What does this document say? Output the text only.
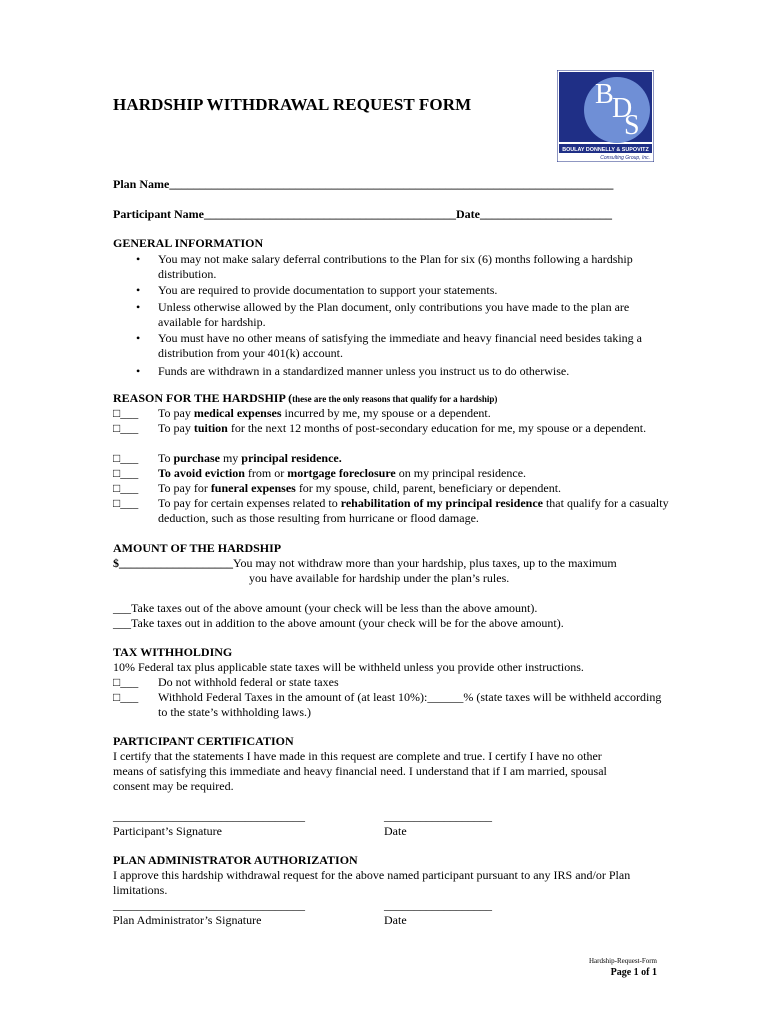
HARDSHIP WITHDRAWAL REQUEST FORM	B
D
S
BOULAY DONNELLY & SUPOVITZ
Consulting Group, Inc.
Plan Name__________________________________________________________________________
Participant Name__________________________________________Date______________________
GENERAL INFORMATION
• You may not make salary deferral contributions to the Plan for six (6) months following a hardship distribution.
• You are required to provide documentation to support your statements.
• Unless otherwise allowed by the Plan document, only contributions you have made to the plan are available for hardship.
• You must have no other means of satisfying the immediate and heavy financial need besides taking a distribution from your 401(k) account.
• Funds are withdrawn in a standardized manner unless you instruct us to do otherwise.
REASON FOR THE HARDSHIP (these are the only reasons that qualify for a hardship)
□___	To pay medical expenses incurred by me, my spouse or a dependent.
□___	To pay tuition for the next 12 months of post-secondary education for me, my spouse or a dependent.
□___	To purchase my principal residence.
□___	To avoid eviction from or mortgage foreclosure on my principal residence.
□___	To pay for funeral expenses for my spouse, child, parent, beneficiary or dependent.
□___	To pay for certain expenses related to rehabilitation of my principal residence that qualify for a casualty deduction, such as those resulting from hurricane or flood damage.
AMOUNT OF THE HARDSHIP
$___________________You may not withdraw more than your hardship, plus taxes, up to the maximum
you have available for hardship under the plan’s rules.
___Take taxes out of the above amount (your check will be less than the above amount).
___Take taxes out in addition to the above amount (your check will be for the above amount).
TAX WITHHOLDING
10% Federal tax plus applicable state taxes will be withheld unless you provide other instructions.
□___	Do not withhold federal or state taxes
□___	Withhold Federal Taxes in the amount of (at least 10%):______% (state taxes will be withheld according to the state’s withholding laws.)
PARTICIPANT CERTIFICATION
I certify that the statements I have made in this request are complete and true. I certify I have no other
means of satisfying this immediate and heavy financial need. I understand that if I am married, spousal
consent may be required.
________________________________	__________________
Participant’s Signature	Date
PLAN ADMINISTRATOR AUTHORIZATION
I approve this hardship withdrawal request for the above named participant pursuant to any IRS and/or Plan
limitations.
________________________________	__________________
Plan Administrator’s Signature	Date
Hardship-Request-Form
Page 1 of 1
